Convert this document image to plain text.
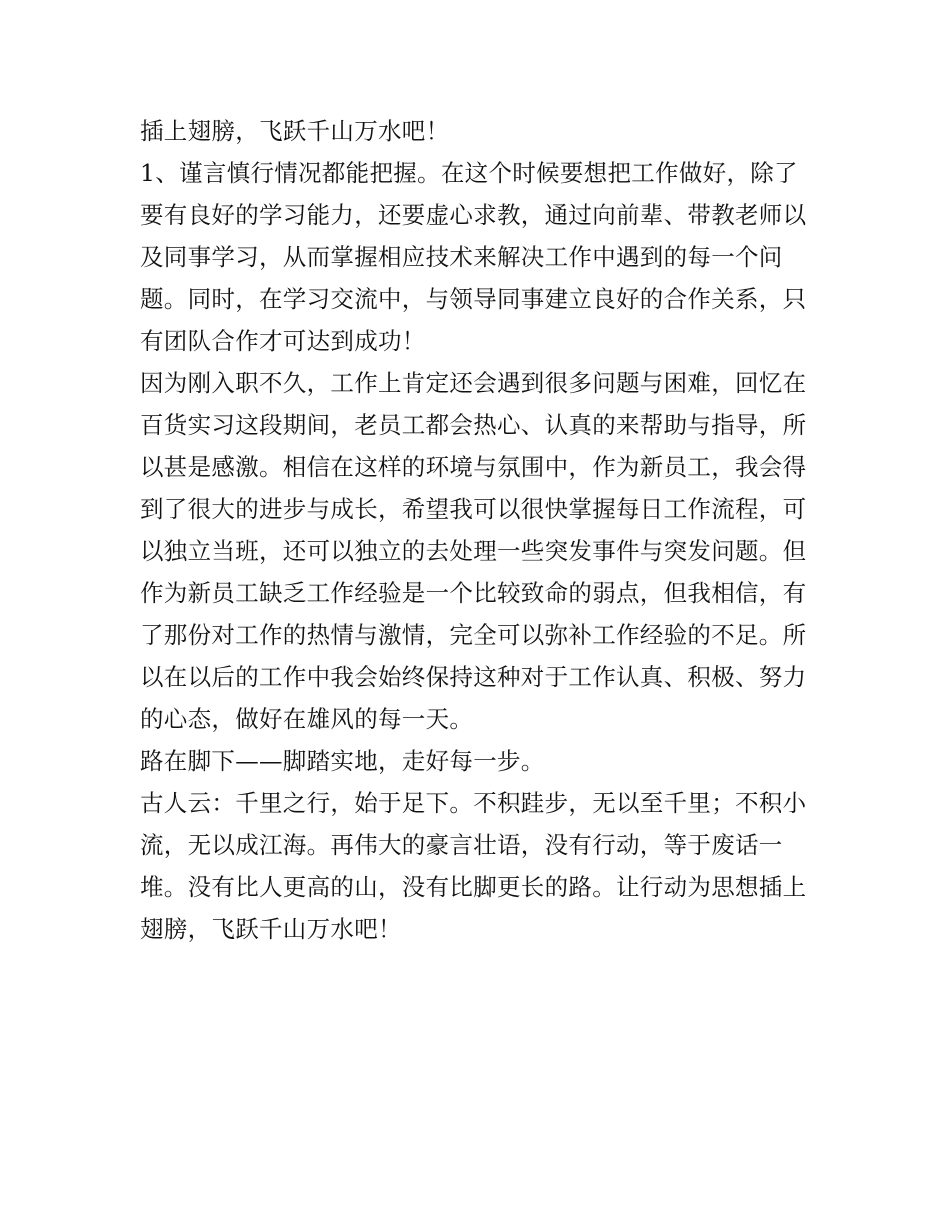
插上翅膀，飞跃千山万水吧！

1、谨言慎行情况都能把握。在这个时候要想把工作做好，除了要有良好的学习能力，还要虚心求教，通过向前辈、带教老师以及同事学习，从而掌握相应技术来解决工作中遇到的每一个问题。同时，在学习交流中，与领导同事建立良好的合作关系，只有团队合作才可达到成功！

因为刚入职不久，工作上肯定还会遇到很多问题与困难，回忆在百货实习这段期间，老员工都会热心、认真的来帮助与指导，所以甚是感激。相信在这样的环境与氛围中，作为新员工，我会得到了很大的进步与成长，希望我可以很快掌握每日工作流程，可以独立当班，还可以独立的去处理一些突发事件与突发问题。但作为新员工缺乏工作经验是一个比较致命的弱点，但我相信，有了那份对工作的热情与激情，完全可以弥补工作经验的不足。所以在以后的工作中我会始终保持这种对于工作认真、积极、努力的心态，做好在雄风的每一天。

路在脚下——脚踏实地，走好每一步。

古人云：千里之行，始于足下。不积跬步，无以至千里；不积小流，无以成江海。再伟大的豪言壮语，没有行动，等于废话一堆。没有比人更高的山，没有比脚更长的路。让行动为思想插上翅膀，飞跃千山万水吧！
